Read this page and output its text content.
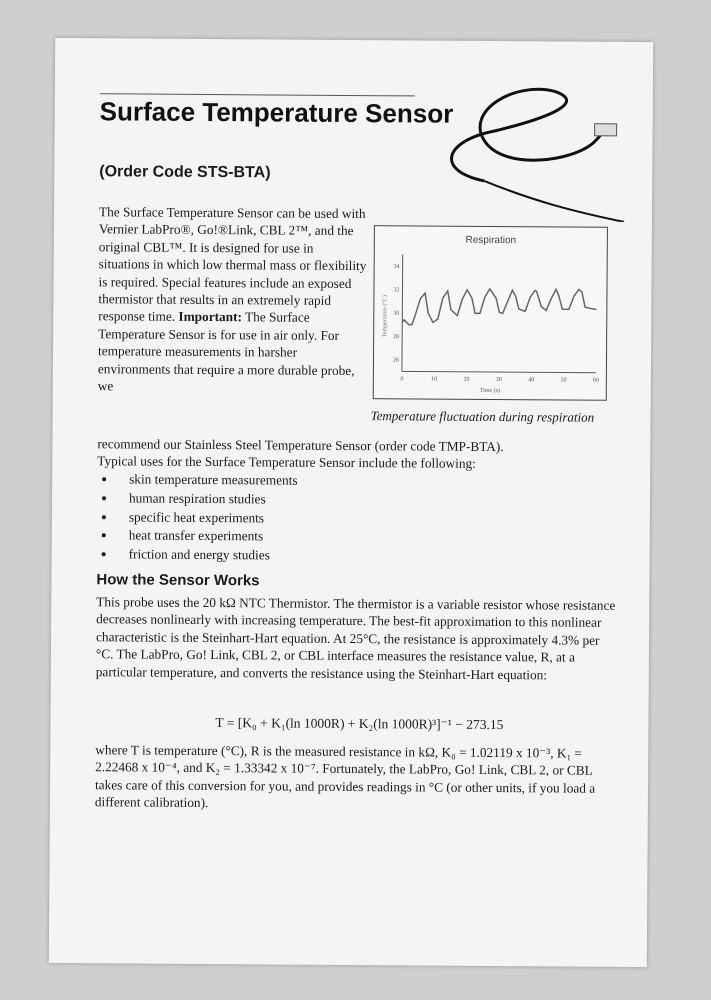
Surface Temperature Sensor
(Order Code STS-BTA)
The Surface Temperature Sensor can be used with Vernier LabPro®, Go!®Link, CBL 2™, and the original CBL™. It is designed for use in situations in which low thermal mass or flexibility is required. Special features include an exposed thermistor that results in an extremely rapid response time. Important: The Surface Temperature Sensor is for use in air only. For temperature measurements in harsher environments that require a more durable probe, we
Respiration
0	10	20	30	40	50	60
26
28
30
32
34
Time (s)
Temperature (°C)
Temperature fluctuation during respiration
recommend our Stainless Steel Temperature Sensor (order code TMP-BTA).
Typical uses for the Surface Temperature Sensor include the following:
• skin temperature measurements
• human respiration studies
• specific heat experiments
• heat transfer experiments
• friction and energy studies
How the Sensor Works
This probe uses the 20 kΩ NTC Thermistor. The thermistor is a variable resistor whose resistance decreases nonlinearly with increasing temperature. The best-fit approximation to this nonlinear characteristic is the Steinhart-Hart equation. At 25°C, the resistance is approximately 4.3% per °C. The LabPro, Go! Link, CBL 2, or CBL interface measures the resistance value, R, at a particular temperature, and converts the resistance using the Steinhart-Hart equation:
T = [K₀ + K₁(ln 1000R) + K₂(ln 1000R)³]⁻¹ − 273.15
where T is temperature (°C), R is the measured resistance in kΩ, K₀ = 1.02119 x 10⁻³, K₁ = 2.22468 x 10⁻⁴, and K₂ = 1.33342 x 10⁻⁷. Fortunately, the LabPro, Go! Link, CBL 2, or CBL takes care of this conversion for you, and provides readings in °C (or other units, if you load a different calibration).
